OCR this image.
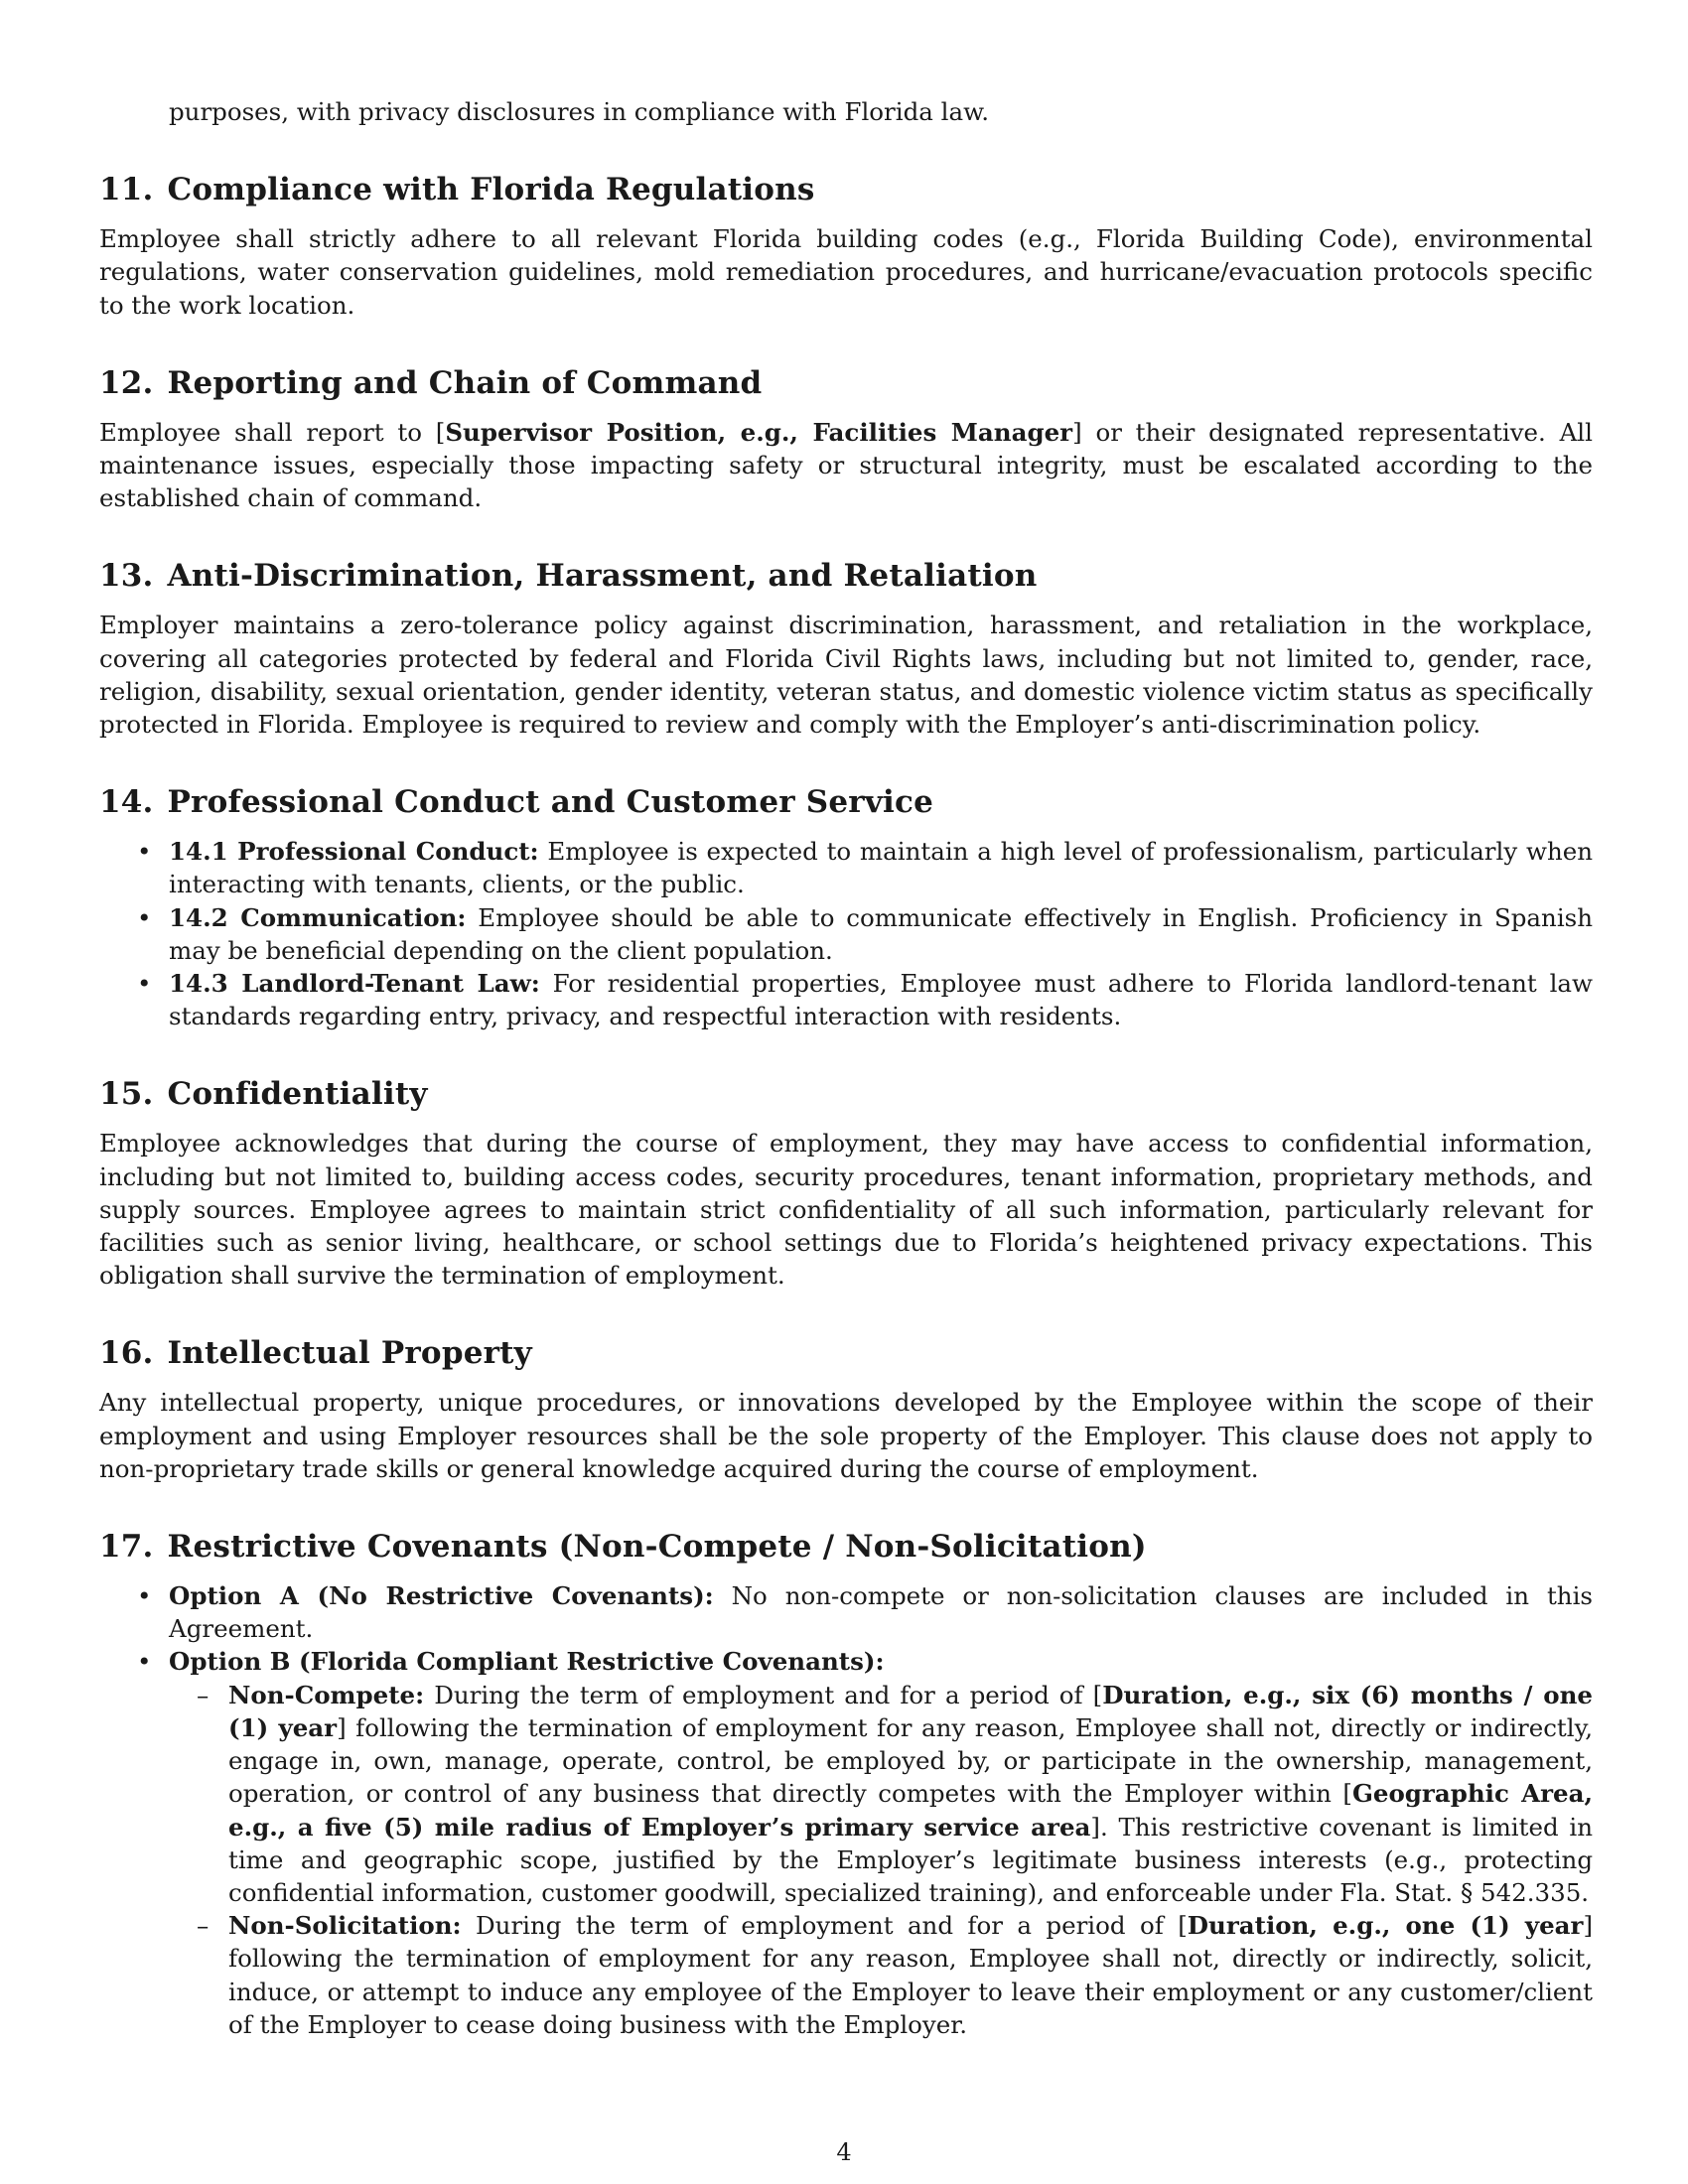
purposes, with privacy disclosures in compliance with Florida law.

11. Compliance with Florida Regulations

Employee shall strictly adhere to all relevant Florida building codes (e.g., Florida Building Code), environmental regulations, water conservation guidelines, mold remediation procedures, and hurricane/evacuation protocols specific to the work location.

12. Reporting and Chain of Command

Employee shall report to [Supervisor Position, e.g., Facilities Manager] or their designated representative. All maintenance issues, especially those impacting safety or structural integrity, must be escalated according to the established chain of command.

13. Anti-Discrimination, Harassment, and Retaliation

Employer maintains a zero-tolerance policy against discrimination, harassment, and retaliation in the workplace, covering all categories protected by federal and Florida Civil Rights laws, including but not limited to, gender, race, religion, disability, sexual orientation, gender identity, veteran status, and domestic violence victim status as specifically protected in Florida. Employee is required to review and comply with the Employer’s anti-discrimination policy.

14. Professional Conduct and Customer Service
• 14.1 Professional Conduct: Employee is expected to maintain a high level of professionalism, particularly when interacting with tenants, clients, or the public.
• 14.2 Communication: Employee should be able to communicate effectively in English. Proficiency in Spanish may be beneficial depending on the client population.
• 14.3 Landlord-Tenant Law: For residential properties, Employee must adhere to Florida landlord-tenant law standards regarding entry, privacy, and respectful interaction with residents.
15. Confidentiality

Employee acknowledges that during the course of employment, they may have access to confidential information, including but not limited to, building access codes, security procedures, tenant information, proprietary methods, and supply sources. Employee agrees to maintain strict confidentiality of all such information, particularly relevant for facilities such as senior living, healthcare, or school settings due to Florida’s heightened privacy expectations. This obligation shall survive the termination of employment.

16. Intellectual Property

Any intellectual property, unique procedures, or innovations developed by the Employee within the scope of their employment and using Employer resources shall be the sole property of the Employer. This clause does not apply to non-proprietary trade skills or general knowledge acquired during the course of employment.

17. Restrictive Covenants (Non-Compete / Non-Solicitation)
• Option A (No Restrictive Covenants): No non-compete or non-solicitation clauses are included in this Agreement.
• Option B (Florida Compliant Restrictive Covenants):
– Non-Compete: During the term of employment and for a period of [Duration, e.g., six (6) months / one (1) year] following the termination of employment for any reason, Employee shall not, directly or indirectly, engage in, own, manage, operate, control, be employed by, or participate in the ownership, management, operation, or control of any business that directly competes with the Employer within [Geographic Area, e.g., a five (5) mile radius of Employer’s primary service area]. This restrictive covenant is limited in time and geographic scope, justified by the Employer’s legitimate business interests (e.g., protecting confidential information, customer goodwill, specialized training), and enforceable under Fla. Stat. § 542.335.
– Non-Solicitation: During the term of employment and for a period of [Duration, e.g., one (1) year] following the termination of employment for any reason, Employee shall not, directly or indirectly, solicit, induce, or attempt to induce any employee of the Employer to leave their employment or any customer/client of the Employer to cease doing business with the Employer.
4
